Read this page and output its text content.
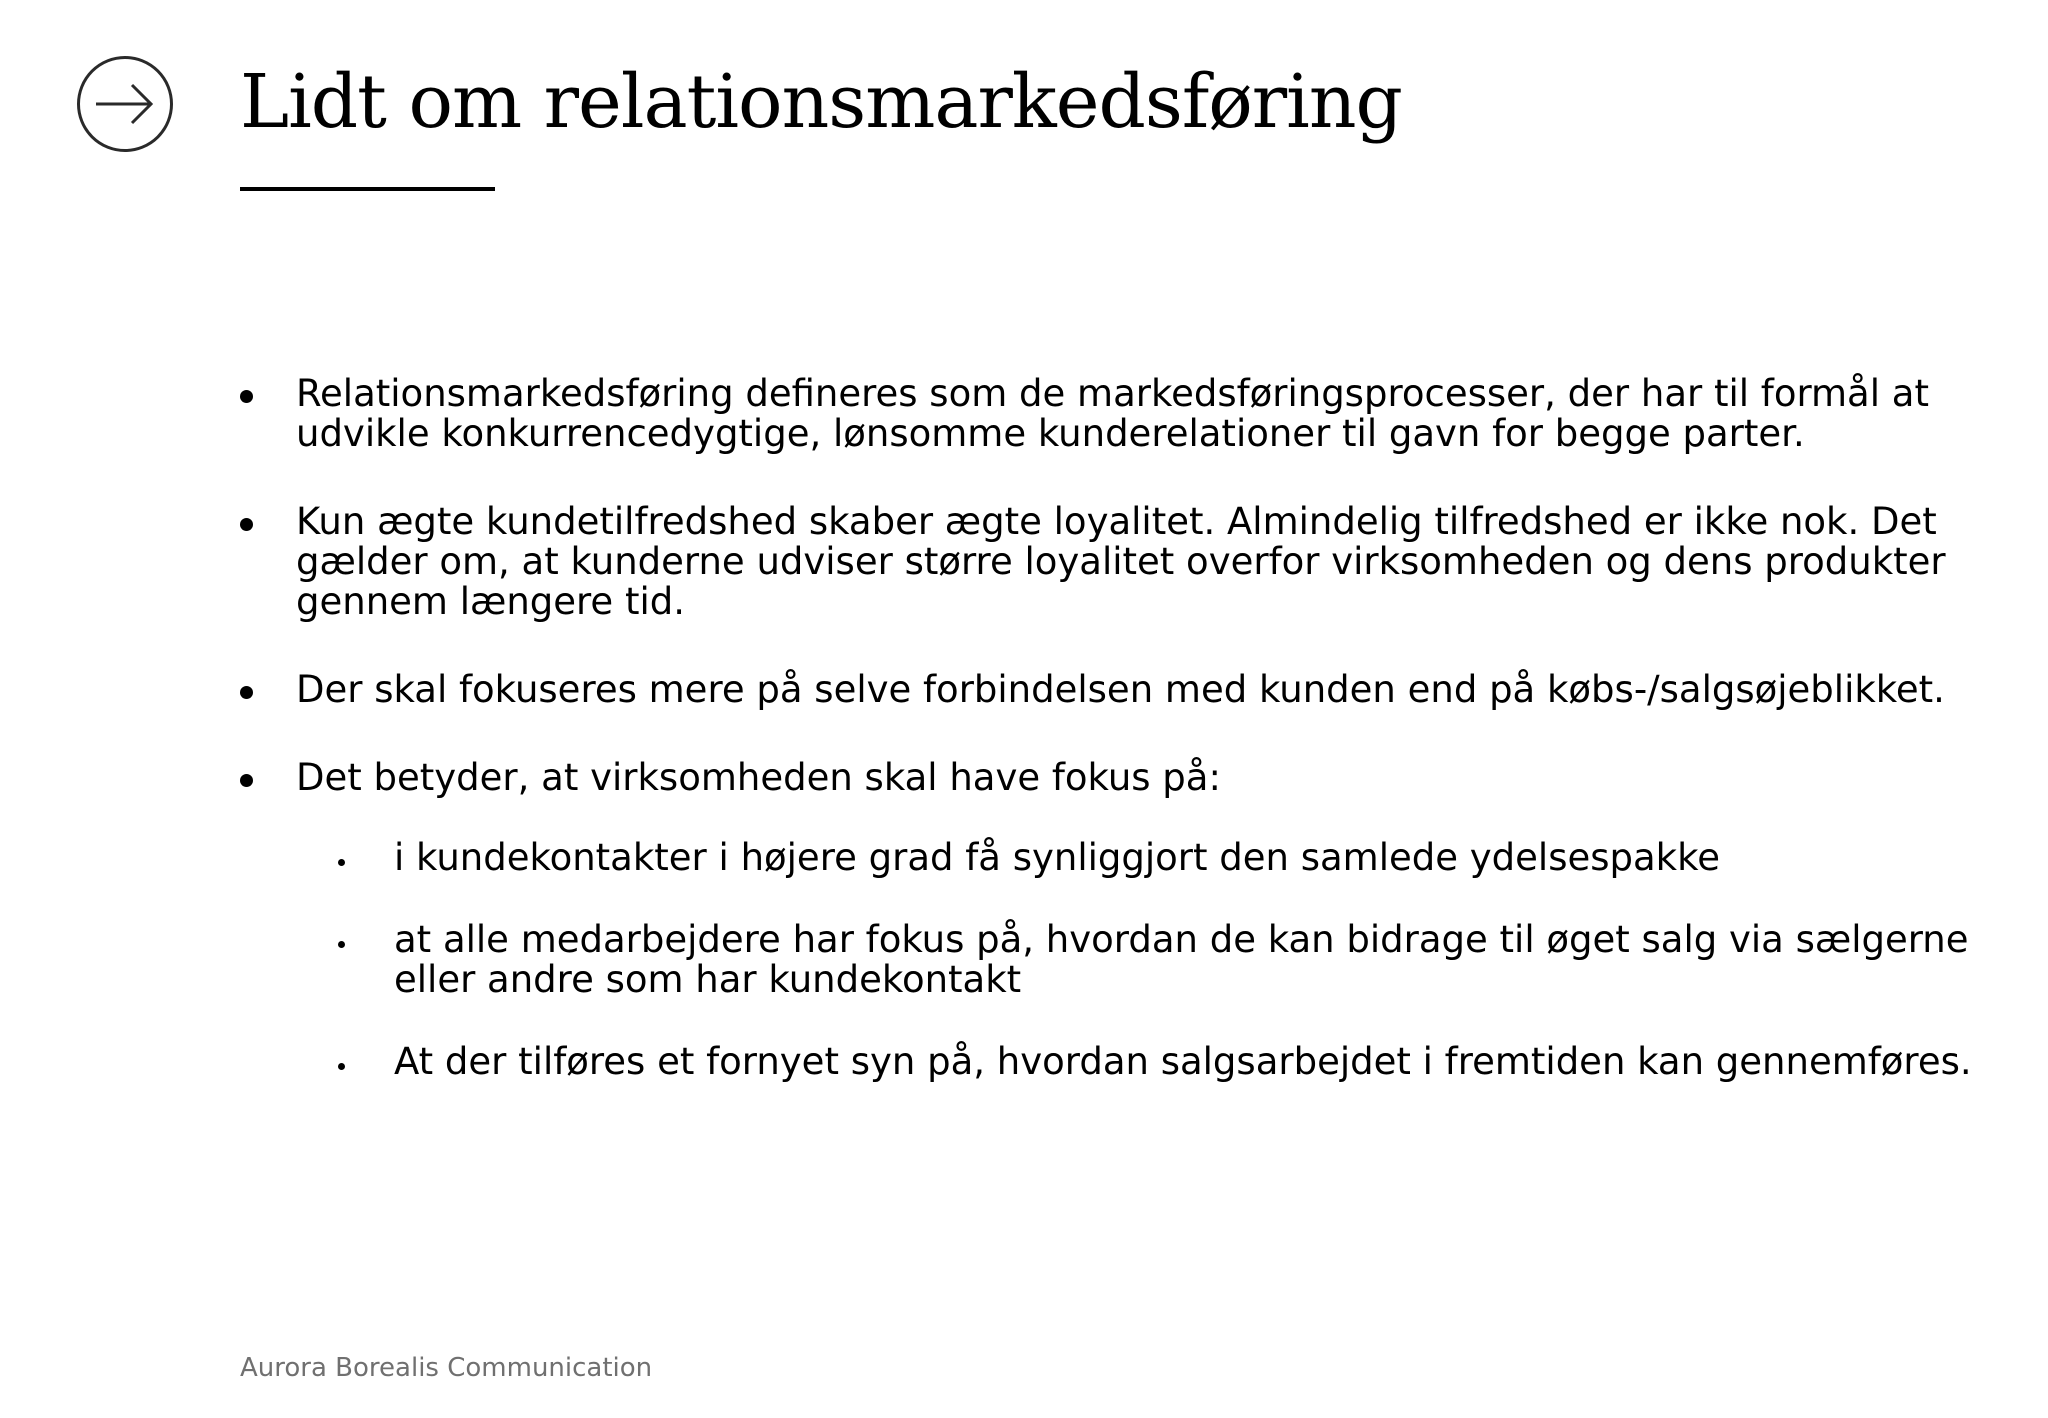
Lidt om relationsmarkedsføring
Relationsmarkedsføring defineres som de markedsføringsprocesser, der har til formål at udvikle konkurrencedygtige, lønsomme kunderelationer til gavn for begge parter.
Kun ægte kundetilfredshed skaber ægte loyalitet. Almindelig tilfredshed er ikke nok. Det gælder om, at kunderne udviser større loyalitet overfor virksomheden og dens produkter gennem længere tid.
Der skal fokuseres mere på selve forbindelsen med kunden end på købs-/salgsøjeblikket.
Det betyder, at virksomheden skal have fokus på:
i kundekontakter i højere grad få synliggjort den samlede ydelsespakke
at alle medarbejdere har fokus på, hvordan de kan bidrage til øget salg via sælgerne eller andre som har kundekontakt
At der tilføres et fornyet syn på, hvordan salgsarbejdet i fremtiden kan gennemføres.
Aurora Borealis Communication
